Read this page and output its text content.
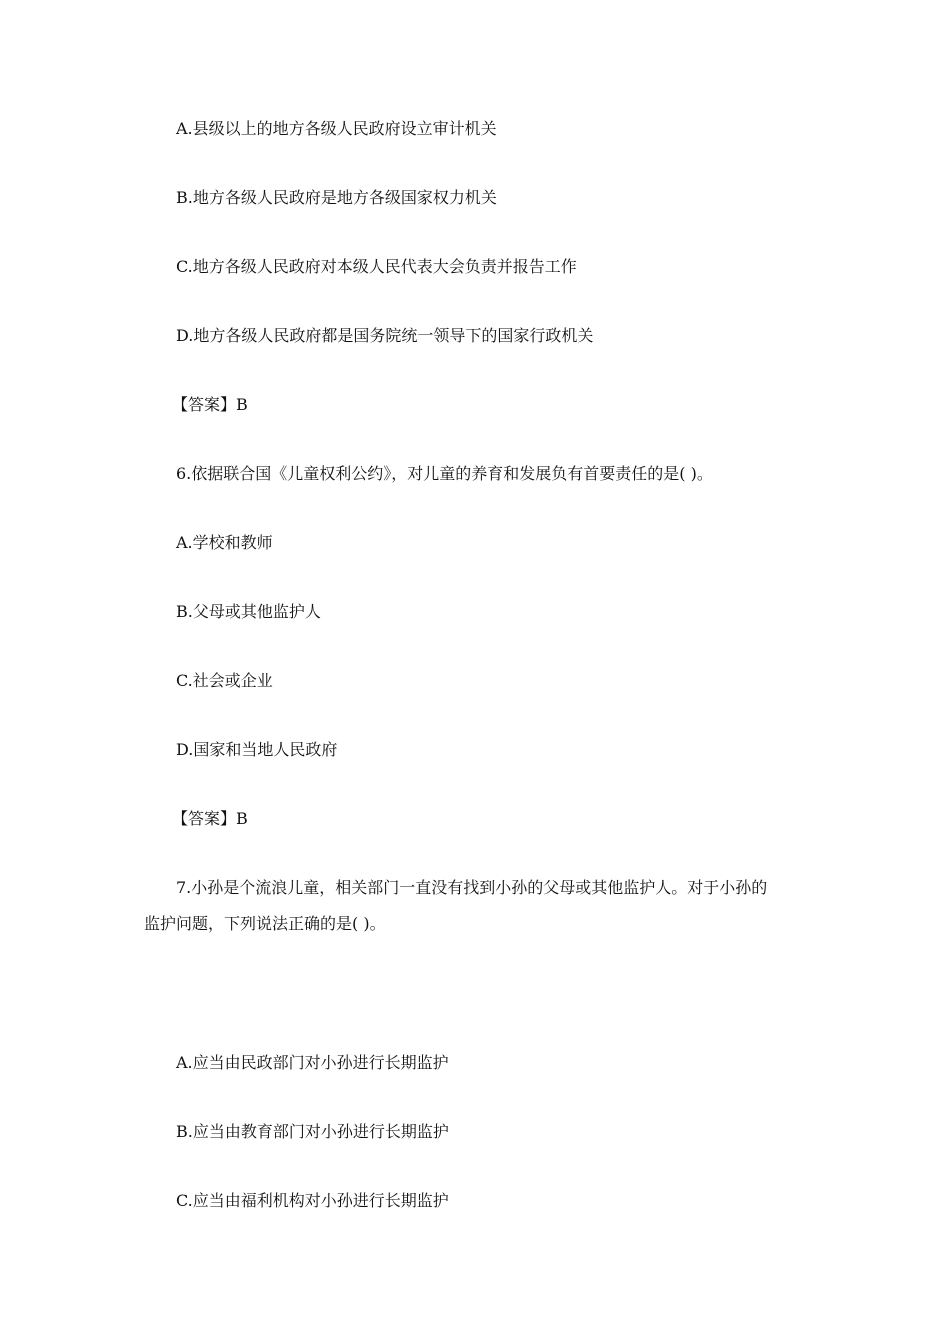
A.县级以上的地方各级人民政府设立审计机关

B.地方各级人民政府是地方各级国家权力机关

C.地方各级人民政府对本级人民代表大会负责并报告工作

D.地方各级人民政府都是国务院统一领导下的国家行政机关

【答案】B

6.依据联合国《儿童权利公约》，对儿童的养育和发展负有首要责任的是( )。

A.学校和教师

B.父母或其他监护人

C.社会或企业

D.国家和当地人民政府

【答案】B

7.小孙是个流浪儿童，相关部门一直没有找到小孙的父母或其他监护人。对于小孙的

监护问题，下列说法正确的是( )。

A.应当由民政部门对小孙进行长期监护

B.应当由教育部门对小孙进行长期监护

C.应当由福利机构对小孙进行长期监护
